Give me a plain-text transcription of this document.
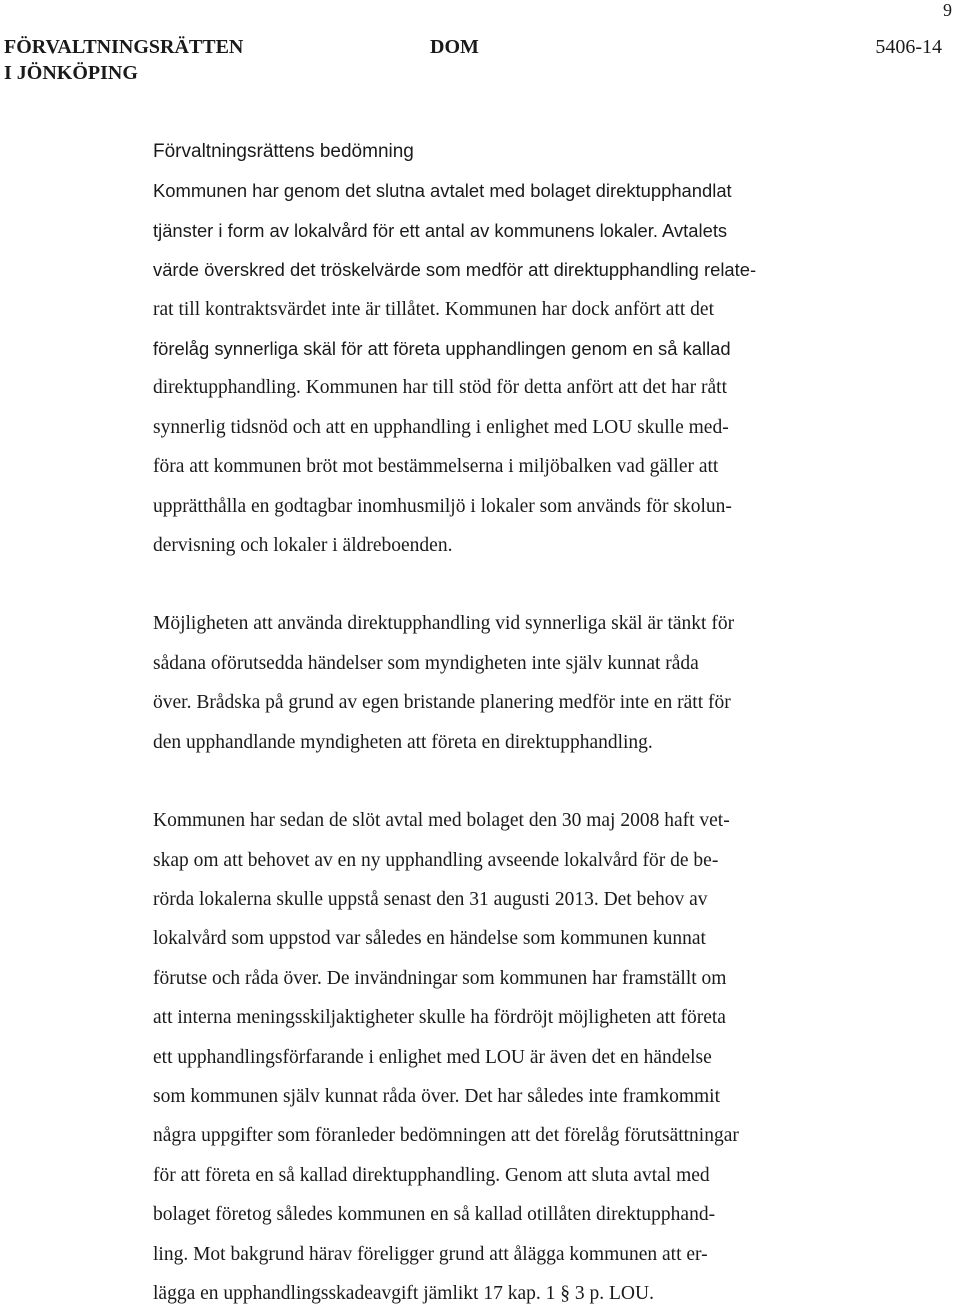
9
FÖRVALTNINGSRÄTTEN
I JÖNKÖPING
DOM	5406-14

Förvaltningsrättens bedömning

Kommunen har genom det slutna avtalet med bolaget direktupphandlat
tjänster i form av lokalvård för ett antal av kommunens lokaler. Avtalets
värde överskred det tröskelvärde som medför att direktupphandling relate-
rat till kontraktsvärdet inte är tillåtet. Kommunen har dock anfört att det
förelåg synnerliga skäl för att företa upphandlingen genom en så kallad
direktupphandling. Kommunen har till stöd för detta anfört att det har rått
synnerlig tidsnöd och att en upphandling i enlighet med LOU skulle med-
föra att kommunen bröt mot bestämmelserna i miljöbalken vad gäller att
upprätthålla en godtagbar inomhusmiljö i lokaler som används för skolun-
dervisning och lokaler i äldreboenden.
Möjligheten att använda direktupphandling vid synnerliga skäl är tänkt för
sådana oförutsedda händelser som myndigheten inte själv kunnat råda
över. Brådska på grund av egen bristande planering medför inte en rätt för
den upphandlande myndigheten att företa en direktupphandling.
Kommunen har sedan de slöt avtal med bolaget den 30 maj 2008 haft vet-
skap om att behovet av en ny upphandling avseende lokalvård för de be-
rörda lokalerna skulle uppstå senast den 31 augusti 2013. Det behov av
lokalvård som uppstod var således en händelse som kommunen kunnat
förutse och råda över. De invändningar som kommunen har framställt om
att interna meningsskiljaktigheter skulle ha fördröjt möjligheten att företa
ett upphandlingsförfarande i enlighet med LOU är även det en händelse
som kommunen själv kunnat råda över. Det har således inte framkommit
några uppgifter som föranleder bedömningen att det förelåg förutsättningar
för att företa en så kallad direktupphandling. Genom att sluta avtal med
bolaget företog således kommunen en så kallad otillåten direktupphand-
ling. Mot bakgrund härav föreligger grund att ålägga kommunen att er-
lägga en upphandlingsskadeavgift jämlikt 17 kap. 1 § 3 p. LOU.
